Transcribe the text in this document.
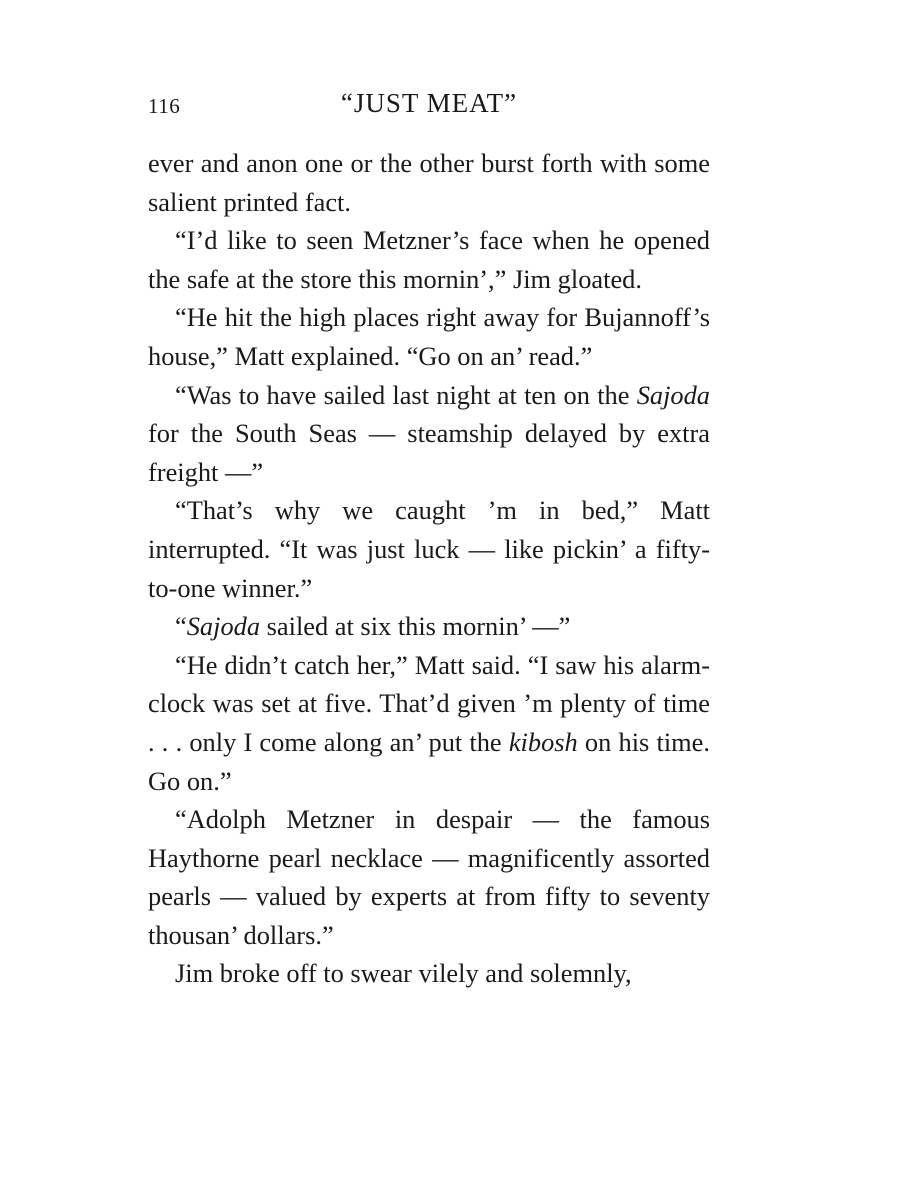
116	“JUST MEAT”

ever and anon one or the other burst forth with some salient printed fact.

“I’d like to seen Metzner’s face when he opened the safe at the store this mornin’,” Jim gloated.

“He hit the high places right away for Bujannoff’s house,” Matt explained. “Go on an’ read.”

“Was to have sailed last night at ten on the Sajoda for the South Seas — steamship delayed by extra freight —”

“That’s why we caught ’m in bed,” Matt interrupted. “It was just luck — like pickin’ a fifty-to-one winner.”

“Sajoda sailed at six this mornin’ —”

“He didn’t catch her,” Matt said. “I saw his alarm-clock was set at five. That’d given ’m plenty of time . . . only I come along an’ put the kibosh on his time. Go on.”

“Adolph Metzner in despair — the famous Haythorne pearl necklace — magnificently assorted pearls — valued by experts at from fifty to seventy thousan’ dollars.”

Jim broke off to swear vilely and solemnly,
